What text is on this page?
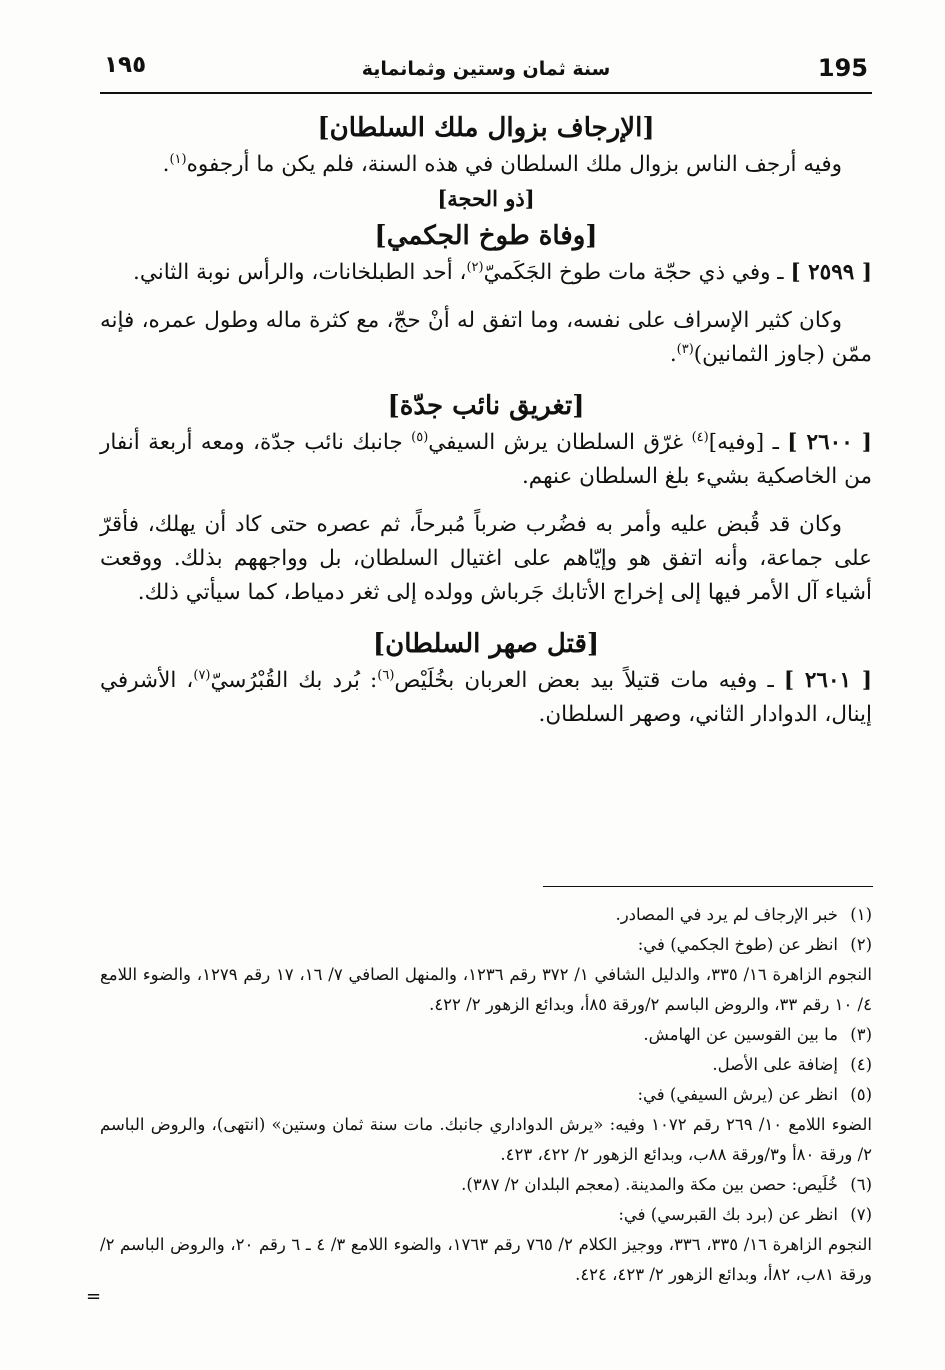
195
سنة ثمان وستين وثمانماية
١٩٥

[الإرجاف بزوال ملك السلطان]

وفيه أرجف الناس بزوال ملك السلطان في هذه السنة، فلم يكن ما أرجفوه$^{(١)}$.

[ذو الحجة]

[وفاة طوخ الجكمي]

[ ٢٥٩٩ ] ـ وفي ذي حجّة مات طوخ الجَكَميّ$^{(٢)}$، أحد الطبلخانات، والرأس نوبة الثاني.

وكان كثير الإسراف على نفسه، وما اتفق له أنْ حجّ، مع كثرة ماله وطول عمره، فإنه ممّن (جاوز الثمانين)$^{(٣)}$.

[تغريق نائب جدّة]

[ ٢٦٠٠ ] ـ [وفيه]$^{(٤)}$ غرّق السلطان يرش السيفي$^{(٥)}$ جانبك نائب جدّة، ومعه أربعة أنفار من الخاصكية بشيء بلغ السلطان عنهم.

وكان قد قُبض عليه وأمر به فضُرب ضرباً مُبرحاً، ثم عصره حتى كاد أن يهلك، فأقرّ على جماعة، وأنه اتفق هو وإيّاهم على اغتيال السلطان، بل وواجههم بذلك. ووقعت أشياء آل الأمر فيها إلى إخراج الأتابك جَرباش وولده إلى ثغر دمياط، كما سيأتي ذلك.

[قتل صهر السلطان]

[ ٢٦٠١ ] ـ وفيه مات قتيلاً بيد بعض العربان بخُلَيْص$^{(٦)}$: بُرد بك القُبْرُسيّ$^{(٧)}$، الأشرفي إينال، الدوادار الثاني، وصهر السلطان.

(١)
خبر الإرجاف لم يرد في المصادر.
(٢)
انظر عن (طوخ الجكمي) في:
النجوم الزاهرة ١٦/ ٣٣٥، والدليل الشافي ١/ ٣٧٢ رقم ١٢٣٦، والمنهل الصافي ٧/ ١٦، ١٧ رقم ١٢٧٩، والضوء اللامع ٤/ ١٠ رقم ٣٣، والروض الباسم ٢/ورقة ٨٥أ، وبدائع الزهور ٢/ ٤٢٢.
(٣)
ما بين القوسين عن الهامش.
(٤)
إضافة على الأصل.
(٥)
انظر عن (يرش السيفي) في:
الضوء اللامع ١٠/ ٢٦٩ رقم ١٠٧٢ وفيه: «يرش الدواداري جانبك. مات سنة ثمان وستين» (انتهى)، والروض الباسم ٢/ ورقة ٨٠أ و٣/ورقة ٨٨ب، وبدائع الزهور ٢/ ٤٢٢، ٤٢٣.
(٦)
خُلَيص: حصن بين مكة والمدينة. (معجم البلدان ٢/ ٣٨٧).
(٧)
انظر عن (برد بك القبرسي) في:
النجوم الزاهرة ١٦/ ٣٣٥، ٣٣٦، ووجيز الكلام ٢/ ٧٦٥ رقم ١٧٦٣، والضوء اللامع ٣/ ٤ ـ ٦ رقم ٢٠، والروض الباسم ٢/ورقة ٨١ب، ٨٢أ، وبدائع الزهور ٢/ ٤٢٣، ٤٢٤.
=
